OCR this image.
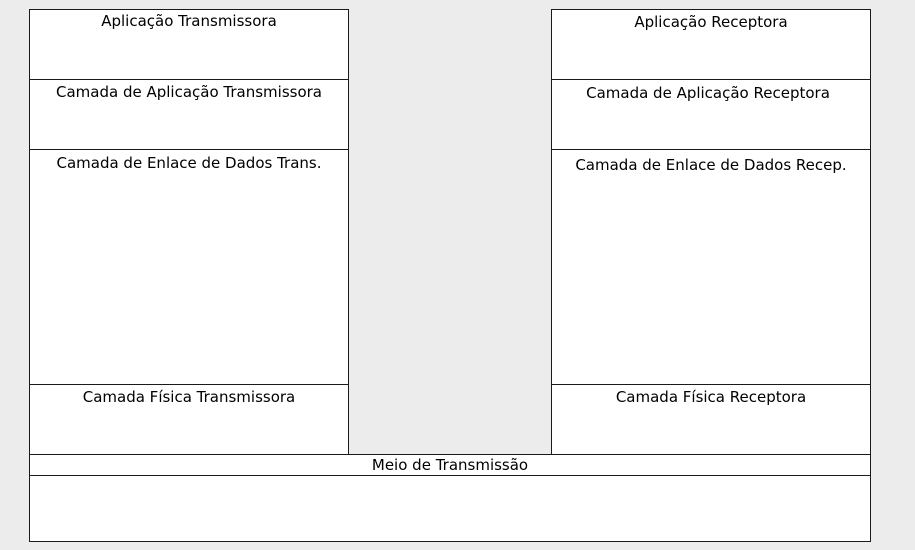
Aplicação Transmissora
Camada de Aplicação Transmissora
Camada de Enlace de Dados Trans.
Camada Física Transmissora
Aplicação Receptora
Camada de Aplicação Receptora
Camada de Enlace de Dados Recep.
Camada Física Receptora
Meio de Transmissão
